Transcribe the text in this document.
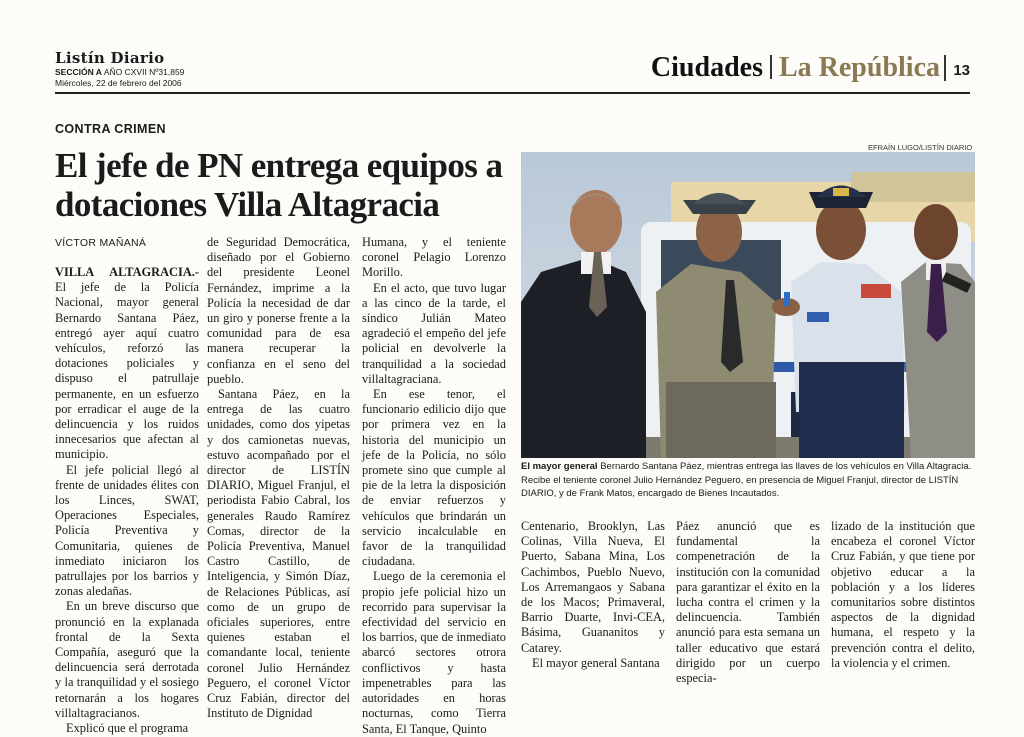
Listín Diario
SECCIÓN A AÑO CXVII Nº31,859
Miércoles, 22 de febrero del 2006	Ciudades La República 13
CONTRA CRIMEN
El jefe de PN entrega equipos a dotaciones Villa Altagracia
VÍCTOR MAÑANÁ
EFRAÍN LUGO/LISTÍN DIARIO

VILLA ALTAGRACIA.- El jefe de la Policía Nacional, mayor general Bernardo Santana Páez, entregó ayer aquí cuatro vehículos, reforzó las dotaciones policiales y dispuso el patrullaje permanente, en un esfuerzo por erradicar el auge de la delincuencia y los ruidos innecesarios que afectan al municipio.

El jefe policial llegó al frente de unidades élites con los Linces, SWAT, Operaciones Especiales, Policía Preventiva y Comunitaria, quienes de inmediato iniciaron los patrullajes por los barrios y zonas aledañas.

En un breve discurso que pronunció en la explanada frontal de la Sexta Compañía, aseguró que la delincuencia será derrotada y la tranquilidad y el sosiego retornarán a los hogares villaltagracianos.

Explicó que el programa

de Seguridad Democrática, diseñado por el Gobierno del presidente Leonel Fernández, imprime a la Policía la necesidad de dar un giro y ponerse frente a la comunidad para de esa manera recuperar la confianza en el seno del pueblo.

Santana Páez, en la entrega de las cuatro unidades, como dos yipetas y dos camionetas nuevas, estuvo acompañado por el director de LISTÍN DIARIO, Miguel Franjul, el periodista Fabio Cabral, los generales Raudo Ramírez Comas, director de la Policía Preventiva, Manuel Castro Castillo, de Inteligencia, y Simón Díaz, de Relaciones Públicas, así como de un grupo de oficiales superiores, entre quienes estaban el comandante local, teniente coronel Julio Hernández Peguero, el coronel Víctor Cruz Fabián, director del Instituto de Dignidad

Humana, y el teniente coronel Pelagio Lorenzo Morillo.

En el acto, que tuvo lugar a las cinco de la tarde, el síndico Julián Mateo agradeció el empeño del jefe policial en devolverle la tranquilidad a la sociedad villaltagraciana.

En ese tenor, el funcionario edilicio dijo que por primera vez en la historia del municipio un jefe de la Policía, no sólo promete sino que cumple al pie de la letra la disposición de enviar refuerzos y vehículos que brindarán un servicio incalculable en favor de la tranquilidad ciudadana.

Luego de la ceremonia el propio jefe policial hizo un recorrido para supervisar la efectividad del servicio en los barrios, que de inmediato abarcó sectores otrora conflictivos y hasta impenetrables para las autoridades en horas nocturnas, como Tierra Santa, El Tanque, Quinto

El mayor general Bernardo Santana Páez, mientras entrega las llaves de los vehículos en Villa Altagracia. Recibe el teniente coronel Julio Hernández Peguero, en presencia de Miguel Franjul, director de LISTÍN DIARIO, y de Frank Matos, encargado de Bienes Incautados.

Centenario, Brooklyn, Las Colinas, Villa Nueva, El Puerto, Sabana Mina, Los Cachimbos, Pueblo Nuevo, Los Arremangaos y Sabana de los Macos; Primaveral, Barrio Duarte, Invi-CEA, Básima, Guananitos y Catarey.

El mayor general Santana

Páez anunció que es fundamental la compenetración de la institución con la comunidad para garantizar el éxito en la lucha contra el crimen y la delincuencia. También anunció para esta semana un taller educativo que estará dirigido por un cuerpo especia-

lizado de la institución que encabeza el coronel Víctor Cruz Fabián, y que tiene por objetivo educar a la población y a los líderes comunitarios sobre distintos aspectos de la dignidad humana, el respeto y la prevención contra el delito, la violencia y el crimen.
